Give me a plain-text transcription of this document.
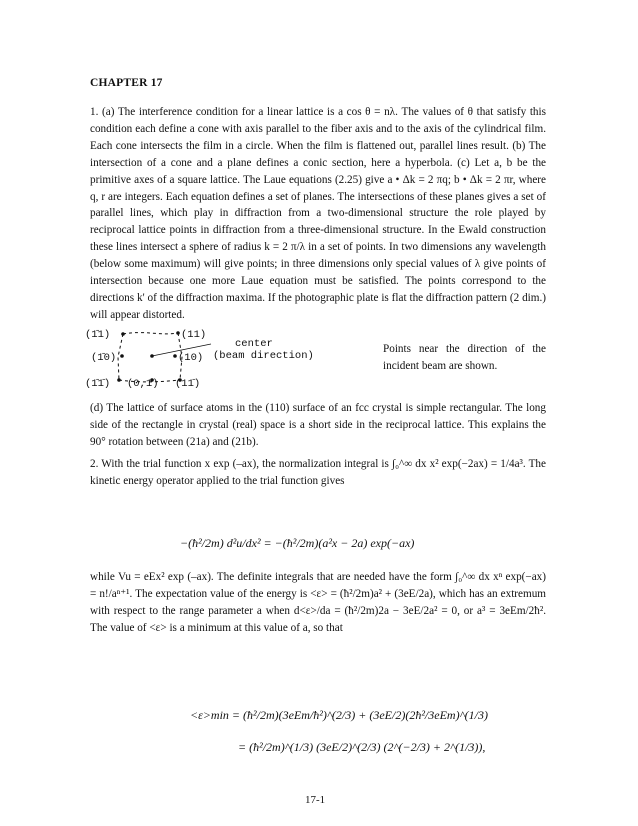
CHAPTER 17
1. (a) The interference condition for a linear lattice is a cos θ = nλ. The values of θ that satisfy this condition each define a cone with axis parallel to the fiber axis and to the axis of the cylindrical film. Each cone intersects the film in a circle. When the film is flattened out, parallel lines result. (b) The intersection of a cone and a plane defines a conic section, here a hyperbola. (c) Let a, b be the primitive axes of a square lattice. The Laue equations (2.25) give a • Δk = 2 πq; b • Δk = 2 πr, where q, r are integers. Each equation defines a set of planes. The intersections of these planes gives a set of parallel lines, which play in diffraction from a two-dimensional structure the role played by reciprocal lattice points in diffraction from a three-dimensional structure. In the Ewald construction these lines intersect a sphere of radius k = 2 π/λ in a set of points. In two dimensions any wavelength (below some maximum) will give points; in three dimensions only special values of λ give points of intersection because one more Laue equation must be satisfied. The points correspond to the directions k' of the diffraction maxima. If the photographic plate is flat the diffraction pattern (2 dim.) will appear distorted.
(1̄1)	(11)
(1̄0)	(10)
(1̄1̄) (0,1̄) (11̄)
center
(beam direction)
Points near the direction of the incident beam are shown.
(d) The lattice of surface atoms in the (110) surface of an fcc crystal is simple rectangular. The long side of the rectangle in crystal (real) space is a short side in the reciprocal lattice. This explains the 90° rotation between (21a) and (21b).
2. With the trial function x exp (–ax), the normalization integral is ∫₀^∞ dx x² exp(−2ax) = 1/4a³. The kinetic energy operator applied to the trial function gives
−(ħ²/2m) d²u/dx² = −(ħ²/2m)(a²x − 2a) exp(−ax)
while Vu = eEx² exp (–ax). The definite integrals that are needed have the form ∫₀^∞ dx xⁿ exp(−ax) = n!/aⁿ⁺¹. The expectation value of the energy is <ε> = (ħ²/2m)a² + (3eE/2a), which has an extremum with respect to the range parameter a when d<ε>/da = (ħ²/2m)2a − 3eE/2a² = 0, or a³ = 3eEm/2ħ². The value of <ε> is a minimum at this value of a, so that
<ε>min = (ħ²/2m)(3eEm/ħ²)^(2/3) + (3eE/2)(2ħ²/3eEm)^(1/3)
= (ħ²/2m)^(1/3) (3eE/2)^(2/3) (2^(−2/3) + 2^(1/3)),
17-1
